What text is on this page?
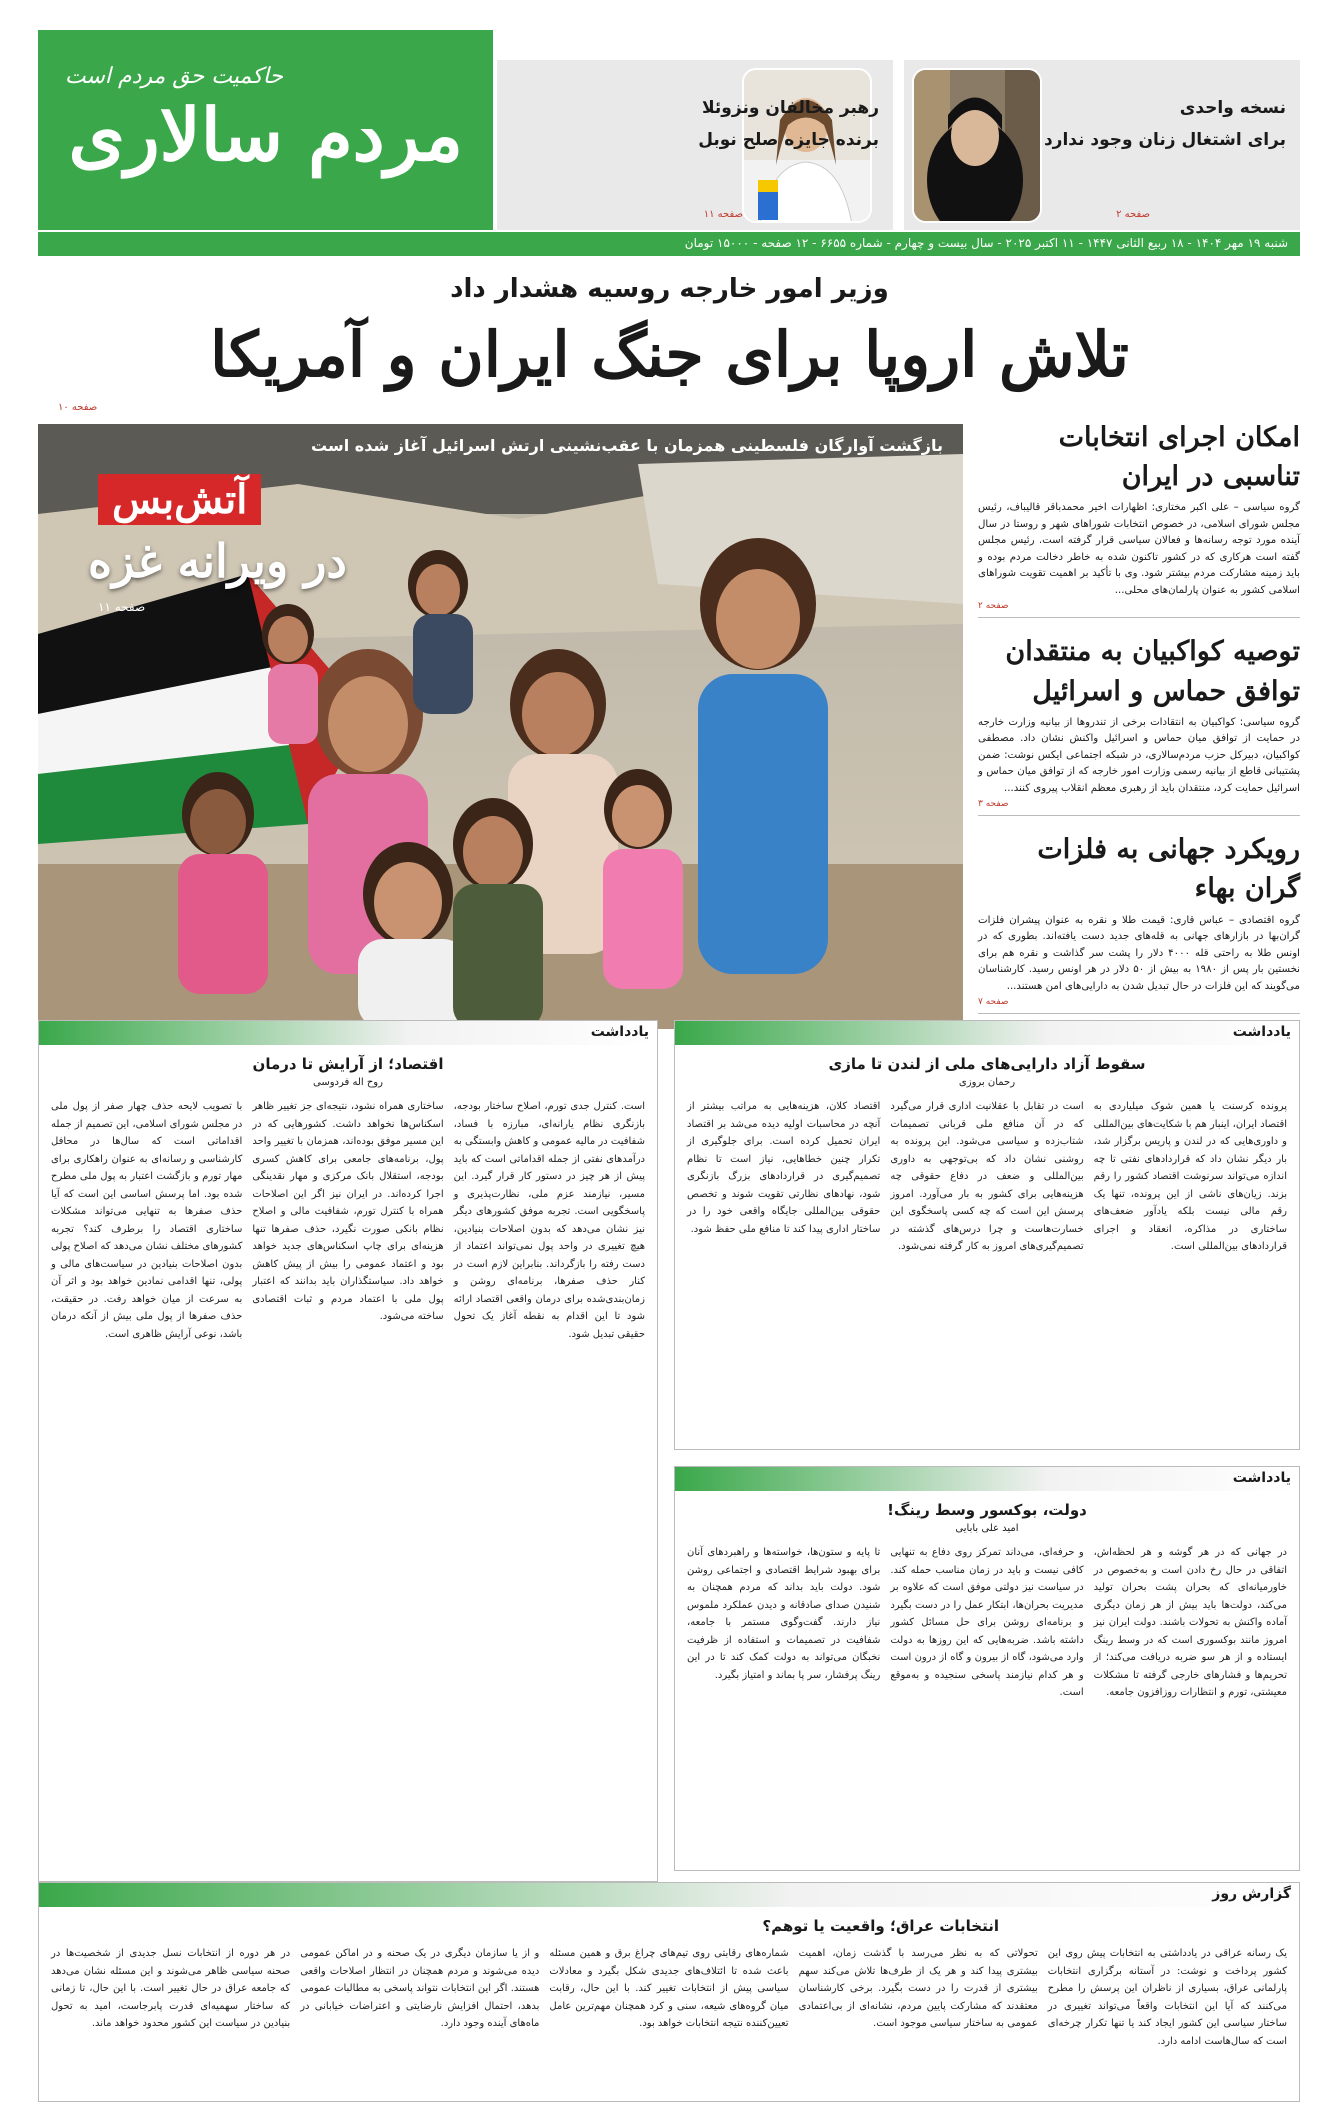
حاکمیت حق مردم است
مردم سالاری	نسخه واحدی
برای اشتغال زنان وجود ندارد
صفحه ۲
رهبر مخالفان ونزوئلا
برنده جایزه صلح نوبل
صفحه ۱۱
شنبه ۱۹ مهر ۱۴۰۴ - ۱۸ ربیع الثانی ۱۴۴۷ - ۱۱ اکتبر ۲۰۲۵ - سال بیست و چهارم - شماره ۶۶۵۵ - ۱۲ صفحه - ۱۵۰۰۰ تومان
وزیر امور خارجه روسیه هشدار داد
تلاش اروپا برای جنگ ایران و آمریکا
صفحه ۱۰
بازگشت آوارگان فلسطینی همزمان با عقب‌نشینی ارتش اسرائیل آغاز شده است
آتش‌بس
در ویرانه غزه
صفحه ۱۱
امکان اجرای انتخابات تناسبی در ایران

گروه سیاسی – علی اکبر مختاری: اظهارات اخیر محمدباقر قالیباف، رئیس مجلس شورای اسلامی، در خصوص انتخابات شوراهای شهر و روستا در سال آینده مورد توجه رسانه‌ها و فعالان سیاسی قرار گرفته است. رئیس مجلس گفته است هرکاری که در کشور تاکنون شده به خاطر دخالت مردم بوده و باید زمینه مشارکت مردم بیشتر شود. وی با تأکید بر اهمیت تقویت شوراهای اسلامی کشور به عنوان پارلمان‌های محلی...

صفحه ۲
توصیه کواکبیان به منتقدان توافق حماس و اسرائیل

گروه سیاسی: کواکبیان به انتقادات برخی از تندروها از بیانیه وزارت خارجه در حمایت از توافق میان حماس و اسرائیل واکنش نشان داد. مصطفی کواکبیان، دبیرکل حزب مردم‌سالاری، در شبکه اجتماعی ایکس نوشت: ضمن پشتیبانی قاطع از بیانیه رسمی وزارت امور خارجه که از توافق میان حماس و اسرائیل حمایت کرد، منتقدان باید از رهبری معظم انقلاب پیروی کنند...

صفحه ۳
رویکرد جهانی به فلزات گران بهاء

گروه اقتصادی – عباس قاری: قیمت طلا و نقره به عنوان پیشران فلزات گران‌بها در بازارهای جهانی به قله‌های جدید دست یافته‌اند. بطوری که در اونس طلا به راحتی قله ۴۰۰۰ دلار را پشت سر گذاشت و نقره هم برای نخستین بار پس از ۱۹۸۰ به بیش از ۵۰ دلار در هر اونس رسید. کارشناسان می‌گویند که این فلزات در حال تبدیل شدن به دارایی‌های امن هستند...

صفحه ۷
یادداشت
اقتصاد؛ از آرایش تا درمان
روح اله فردوسی

است. کنترل جدی تورم، اصلاح ساختار بودجه، بازنگری نظام یارانه‌ای، مبارزه با فساد، شفافیت در مالیه عمومی و کاهش وابستگی به درآمدهای نفتی از جمله اقداماتی است که باید پیش از هر چیز در دستور کار قرار گیرد. این مسیر، نیازمند عزم ملی، نظارت‌پذیری و پاسخگویی است. تجربه موفق کشورهای دیگر نیز نشان می‌دهد که بدون اصلاحات بنیادین، هیچ تغییری در واحد پول نمی‌تواند اعتماد از دست رفته را بازگرداند. بنابراین لازم است در کنار حذف صفرها، برنامه‌ای روشن و زمان‌بندی‌شده برای درمان واقعی اقتصاد ارائه شود تا این اقدام به نقطه آغاز یک تحول حقیقی تبدیل شود.

ساختاری همراه نشود، نتیجه‌ای جز تغییر ظاهر اسکناس‌ها نخواهد داشت. کشورهایی که در این مسیر موفق بوده‌اند، همزمان با تغییر واحد پول، برنامه‌های جامعی برای کاهش کسری بودجه، استقلال بانک مرکزی و مهار نقدینگی اجرا کرده‌اند. در ایران نیز اگر این اصلاحات همراه با کنترل تورم، شفافیت مالی و اصلاح نظام بانکی صورت نگیرد، حذف صفرها تنها هزینه‌ای برای چاپ اسکناس‌های جدید خواهد بود و اعتماد عمومی را بیش از پیش کاهش خواهد داد. سیاستگذاران باید بدانند که اعتبار پول ملی با اعتماد مردم و ثبات اقتصادی ساخته می‌شود.

با تصویب لایحه حذف چهار صفر از پول ملی در مجلس شورای اسلامی، این تصمیم از جمله اقداماتی است که سال‌ها در محافل کارشناسی و رسانه‌ای به عنوان راهکاری برای مهار تورم و بازگشت اعتبار به پول ملی مطرح شده بود. اما پرسش اساسی این است که آیا حذف صفرها به تنهایی می‌تواند مشکلات ساختاری اقتصاد را برطرف کند؟ تجربه کشورهای مختلف نشان می‌دهد که اصلاح پولی بدون اصلاحات بنیادین در سیاست‌های مالی و پولی، تنها اقدامی نمادین خواهد بود و اثر آن به سرعت از میان خواهد رفت. در حقیقت، حذف صفرها از پول ملی بیش از آنکه درمان باشد، نوعی آرایش ظاهری است.

یادداشت
سقوط آزاد دارایی‌های ملی از لندن تا مازی
رحمان بروزی

پرونده کرسنت یا همین شوک میلیاردی به اقتصاد ایران، اینبار هم با شکایت‌های بین‌المللی و داوری‌هایی که در لندن و پاریس برگزار شد، بار دیگر نشان داد که قراردادهای نفتی تا چه اندازه می‌تواند سرنوشت اقتصاد کشور را رقم بزند. زیان‌های ناشی از این پرونده، تنها یک رقم مالی نیست بلکه یادآور ضعف‌های ساختاری در مذاکره، انعقاد و اجرای قراردادهای بین‌المللی است.

است در تقابل با عقلانیت اداری قرار می‌گیرد که در آن منافع ملی قربانی تصمیمات شتاب‌زده و سیاسی می‌شود. این پرونده به روشنی نشان داد که بی‌توجهی به داوری بین‌المللی و ضعف در دفاع حقوقی چه هزینه‌هایی برای کشور به بار می‌آورد. امروز پرسش این است که چه کسی پاسخگوی این خسارت‌هاست و چرا درس‌های گذشته در تصمیم‌گیری‌های امروز به کار گرفته نمی‌شود.

اقتصاد کلان، هزینه‌هایی به مراتب بیشتر از آنچه در محاسبات اولیه دیده می‌شد بر اقتصاد ایران تحمیل کرده است. برای جلوگیری از تکرار چنین خطاهایی، نیاز است تا نظام تصمیم‌گیری در قراردادهای بزرگ بازنگری شود، نهادهای نظارتی تقویت شوند و تخصص حقوقی بین‌المللی جایگاه واقعی خود را در ساختار اداری پیدا کند تا منافع ملی حفظ شود.

یادداشت
دولت، بوکسور وسط رینگ!
امید علی بابایی

در جهانی که در هر گوشه و هر لحظه‌اش، اتفاقی در حال رخ دادن است و به‌خصوص در خاورمیانه‌ای که بحران پشت بحران تولید می‌کند، دولت‌ها باید بیش از هر زمان دیگری آماده واکنش به تحولات باشند. دولت ایران نیز امروز مانند بوکسوری است که در وسط رینگ ایستاده و از هر سو ضربه دریافت می‌کند؛ از تحریم‌ها و فشارهای خارجی گرفته تا مشکلات معیشتی، تورم و انتظارات روزافزون جامعه.

و حرفه‌ای، می‌داند تمرکز روی دفاع به تنهایی کافی نیست و باید در زمان مناسب حمله کند. در سیاست نیز دولتی موفق است که علاوه بر مدیریت بحران‌ها، ابتکار عمل را در دست بگیرد و برنامه‌ای روشن برای حل مسائل کشور داشته باشد. ضربه‌هایی که این روزها به دولت وارد می‌شود، گاه از بیرون و گاه از درون است و هر کدام نیازمند پاسخی سنجیده و به‌موقع است.

تا پایه و ستون‌ها، خواسته‌ها و راهبردهای آنان برای بهبود شرایط اقتصادی و اجتماعی روشن شود. دولت باید بداند که مردم همچنان به شنیدن صدای صادقانه و دیدن عملکرد ملموس نیاز دارند. گفت‌وگوی مستمر با جامعه، شفافیت در تصمیمات و استفاده از ظرفیت نخبگان می‌تواند به دولت کمک کند تا در این رینگ پرفشار، سر پا بماند و امتیاز بگیرد.

گزارش روز
انتخابات عراق؛ واقعیت یا توهم؟

یک رسانه عراقی در یادداشتی به انتخابات پیش روی این کشور پرداخت و نوشت: در آستانه برگزاری انتخابات پارلمانی عراق، بسیاری از ناظران این پرسش را مطرح می‌کنند که آیا این انتخابات واقعاً می‌تواند تغییری در ساختار سیاسی این کشور ایجاد کند یا تنها تکرار چرخه‌ای است که سال‌هاست ادامه دارد.

تحولاتی که به نظر می‌رسد با گذشت زمان، اهمیت بیشتری پیدا کند و هر یک از طرف‌ها تلاش می‌کند سهم بیشتری از قدرت را در دست بگیرد. برخی کارشناسان معتقدند که مشارکت پایین مردم، نشانه‌ای از بی‌اعتمادی عمومی به ساختار سیاسی موجود است.

شماره‌های رقابتی روی تیم‌های چراغ برق و همین مسئله باعث شده تا ائتلاف‌های جدیدی شکل بگیرد و معادلات سیاسی پیش از انتخابات تغییر کند. با این حال، رقابت میان گروه‌های شیعه، سنی و کرد همچنان مهم‌ترین عامل تعیین‌کننده نتیجه انتخابات خواهد بود.

و از یا سازمان دیگری در یک صحنه و در اماکن عمومی دیده می‌شوند و مردم همچنان در انتظار اصلاحات واقعی هستند. اگر این انتخابات نتواند پاسخی به مطالبات عمومی بدهد، احتمال افزایش نارضایتی و اعتراضات خیابانی در ماه‌های آینده وجود دارد.

در هر دوره از انتخابات نسل جدیدی از شخصیت‌ها در صحنه سیاسی ظاهر می‌شوند و این مسئله نشان می‌دهد که جامعه عراق در حال تغییر است. با این حال، تا زمانی که ساختار سهمیه‌ای قدرت پابرجاست، امید به تحول بنیادین در سیاست این کشور محدود خواهد ماند.
